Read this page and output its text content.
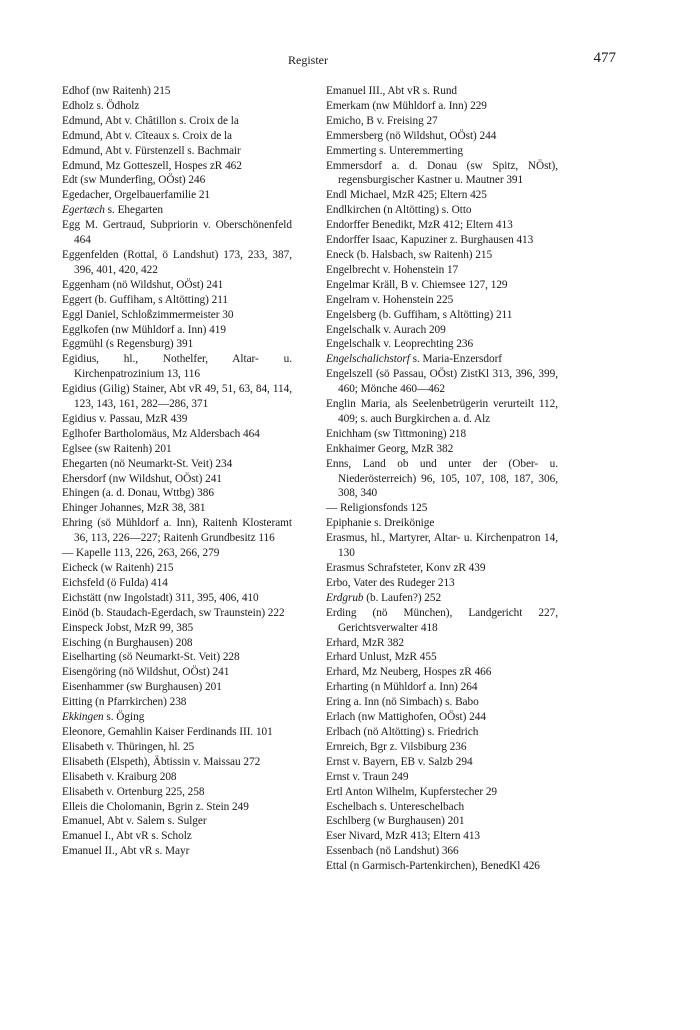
Register	477

Edhof (nw Raitenh) 215

Edholz s. Ödholz

Edmund, Abt v. Châtillon s. Croix de la

Edmund, Abt v. Cîteaux s. Croix de la

Edmund, Abt v. Fürstenzell s. Bachmair

Edmund, Mz Gotteszell, Hospes zR 462

Edt (sw Munderfing, OÖst) 246

Egedacher, Orgelbauerfamilie 21

Egertæch s. Ehegarten

Egg M. Gertraud, Subpriorin v. Oberschönenfeld 464

Eggenfelden (Rottal, ö Landshut) 173, 233, 387, 396, 401, 420, 422

Eggenham (nö Wildshut, OÖst) 241

Eggert (b. Guffiham, s Altötting) 211

Eggl Daniel, Schloßzimmermeister 30

Egglkofen (nw Mühldorf a. Inn) 419

Eggmühl (s Regensburg) 391

Egidius, hl., Nothelfer, Altar- u. Kirchenpatrozinium 13, 116

Egidius (Gilig) Stainer, Abt vR 49, 51, 63, 84, 114, 123, 143, 161, 282—286, 371

Egidius v. Passau, MzR 439

Eglhofer Bartholomäus, Mz Aldersbach 464

Eglsee (sw Raitenh) 201

Ehegarten (nö Neumarkt-St. Veit) 234

Ehersdorf (nw Wildshut, OÖst) 241

Ehingen (a. d. Donau, Wttbg) 386

Ehinger Johannes, MzR 38, 381

Ehring (sö Mühldorf a. Inn), Raitenh Klosteramt 36, 113, 226—227; Raitenh Grundbesitz 116

— Kapelle 113, 226, 263, 266, 279

Eicheck (w Raitenh) 215

Eichsfeld (ö Fulda) 414

Eichstätt (nw Ingolstadt) 311, 395, 406, 410

Einöd (b. Staudach-Egerdach, sw Traunstein) 222

Einspeck Jobst, MzR 99, 385

Eisching (n Burghausen) 208

Eiselharting (sö Neumarkt-St. Veit) 228

Eisengöring (nö Wildshut, OÖst) 241

Eisenhammer (sw Burghausen) 201

Eitting (n Pfarrkirchen) 238

Ekkingen s. Öging

Eleonore, Gemahlin Kaiser Ferdinands III. 101

Elisabeth v. Thüringen, hl. 25

Elisabeth (Elspeth), Äbtissin v. Maissau 272

Elisabeth v. Kraiburg 208

Elisabeth v. Ortenburg 225, 258

Elleis die Cholomanin, Bgrin z. Stein 249

Emanuel, Abt v. Salem s. Sulger

Emanuel I., Abt vR s. Scholz

Emanuel II., Abt vR s. Mayr

Emanuel III., Abt vR s. Rund

Emerkam (nw Mühldorf a. Inn) 229

Emicho, B v. Freising 27

Emmersberg (nö Wildshut, OÖst) 244

Emmerting s. Unteremmerting

Emmersdorf a. d. Donau (sw Spitz, NÖst), regensburgischer Kastner u. Mautner 391

Endl Michael, MzR 425; Eltern 425

Endlkirchen (n Altötting) s. Otto

Endorffer Benedikt, MzR 412; Eltern 413

Endorffer Isaac, Kapuziner z. Burghausen 413

Eneck (b. Halsbach, sw Raitenh) 215

Engelbrecht v. Hohenstein 17

Engelmar Kräll, B v. Chiemsee 127, 129

Engelram v. Hohenstein 225

Engelsberg (b. Guffiham, s Altötting) 211

Engelschalk v. Aurach 209

Engelschalk v. Leoprechting 236

Engelschalichstorf s. Maria-Enzersdorf

Engelszell (sö Passau, OÖst) ZistKl 313, 396, 399, 460; Mönche 460—462

Englin Maria, als Seelenbetrügerin verurteilt 112, 409; s. auch Burgkirchen a. d. Alz

Enichham (sw Tittmoning) 218

Enkhaimer Georg, MzR 382

Enns, Land ob und unter der (Ober- u. Niederösterreich) 96, 105, 107, 108, 187, 306, 308, 340

— Religionsfonds 125

Epiphanie s. Dreikönige

Erasmus, hl., Martyrer, Altar- u. Kirchenpatron 14, 130

Erasmus Schrafsteter, Konv zR 439

Erbo, Vater des Rudeger 213

Erdgrub (b. Laufen?) 252

Erding (nö München), Landgericht 227, Gerichtsverwalter 418

Erhard, MzR 382

Erhard Unlust, MzR 455

Erhard, Mz Neuberg, Hospes zR 466

Erharting (n Mühldorf a. Inn) 264

Ering a. Inn (nö Simbach) s. Babo

Erlach (nw Mattighofen, OÖst) 244

Erlbach (nö Altötting) s. Friedrich

Ernreich, Bgr z. Vilsbiburg 236

Ernst v. Bayern, EB v. Salzb 294

Ernst v. Traun 249

Ertl Anton Wilhelm, Kupferstecher 29

Eschelbach s. Untereschelbach

Eschlberg (w Burghausen) 201

Eser Nivard, MzR 413; Eltern 413

Essenbach (nö Landshut) 366

Ettal (n Garmisch-Partenkirchen), BenedKl 426
